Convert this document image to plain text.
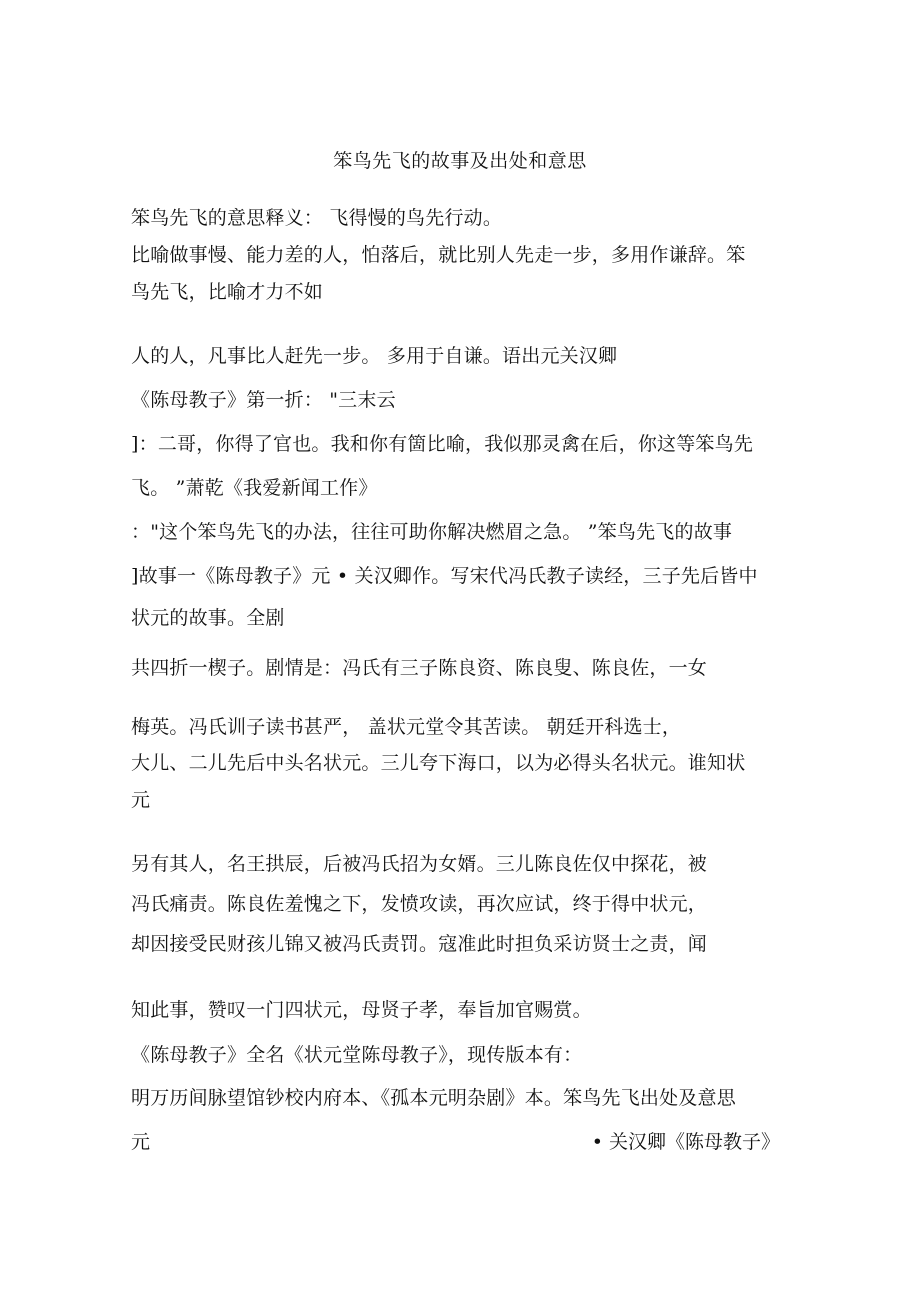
笨鸟先飞的故事及出处和意思
笨鸟先飞的意思释义： 飞得慢的鸟先行动。
比喻做事慢、能力差的人，怕落后，就比别人先走一步，多用作谦辞。笨
鸟先飞，比喻才力不如
人的人，凡事比人赶先一步。 多用于自谦。语出元关汉卿
《陈母教子》第一折： "三末云
]：二哥，你得了官也。我和你有箇比喻，我似那灵禽在后，你这等笨鸟先
飞。 ”萧乾《我爱新闻工作》
："这个笨鸟先飞的办法，往往可助你解决燃眉之急。 ”笨鸟先飞的故事
]故事一《陈母教子》元 • 关汉卿作。写宋代冯氏教子读经，三子先后皆中
状元的故事。全剧
共四折一楔子。剧情是：冯氏有三子陈良资、陈良叟、陈良佐，一女
梅英。冯氏训子读书甚严， 盖状元堂令其苦读。 朝廷开科选士，
大儿、二儿先后中头名状元。三儿夸下海口，以为必得头名状元。谁知状
元
另有其人，名王拱辰，后被冯氏招为女婿。三儿陈良佐仅中探花，被
冯氏痛责。陈良佐羞愧之下，发愤攻读，再次应试，终于得中状元，
却因接受民财孩儿锦又被冯氏责罚。寇准此时担负采访贤士之责，闻
知此事，赞叹一门四状元，母贤子孝，奉旨加官赐赏。
《陈母教子》全名《状元堂陈母教子》，现传版本有：
明万历间脉望馆钞校内府本、《孤本元明杂剧》本。笨鸟先飞出处及意思
元	• 关汉卿《陈母教子》
